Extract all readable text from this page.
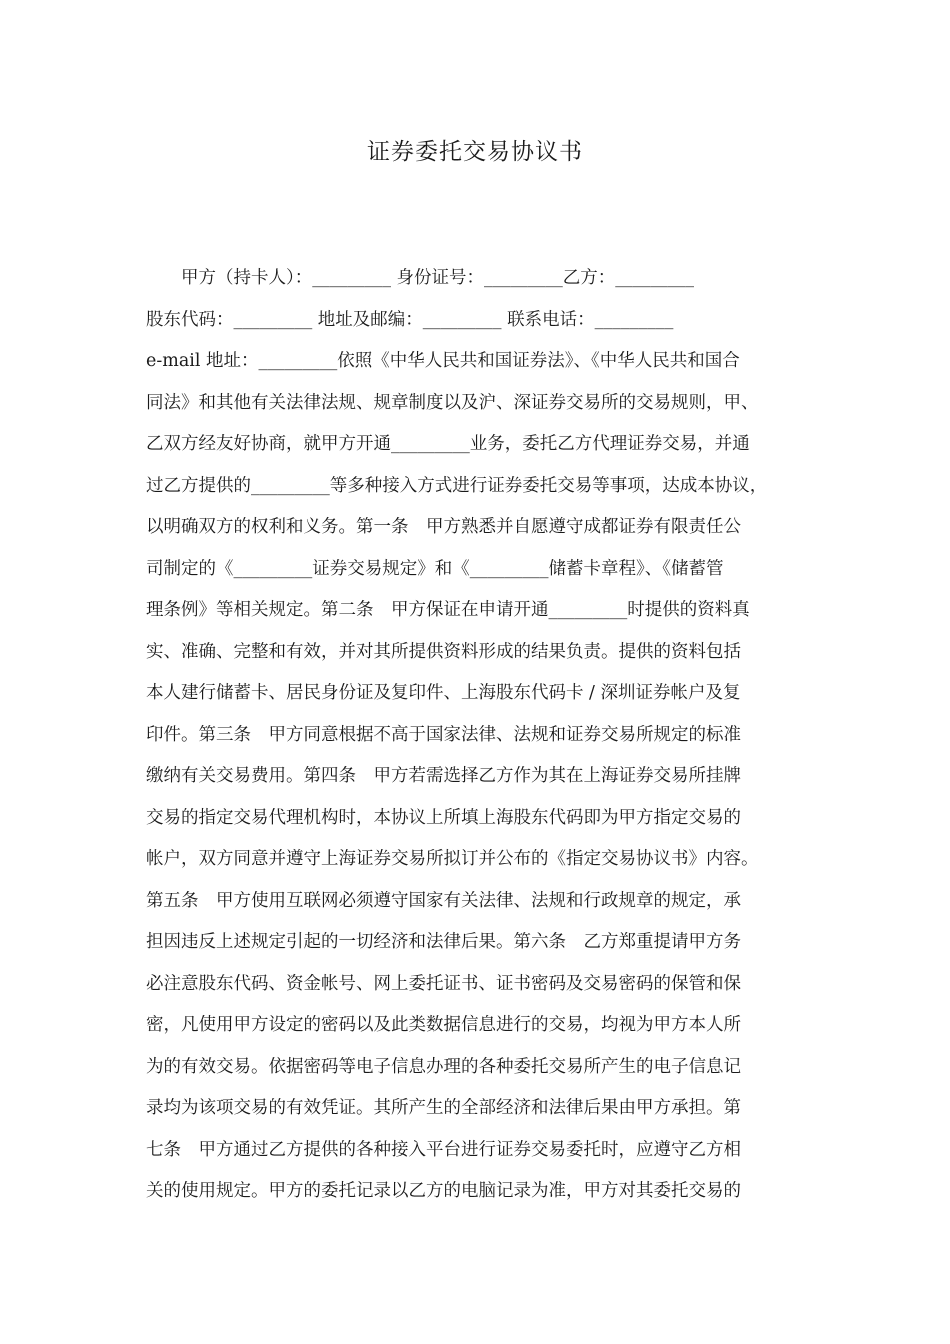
证券委托交易协议书
甲方（持卡人）：_________ 身份证号：_________乙方：_________
股东代码：_________ 地址及邮编：_________ 联系电话：_________
e-mail 地址：_________依照《中华人民共和国证券法》、《中华人民共和国合
同法》和其他有关法律法规、规章制度以及沪、深证券交易所的交易规则，甲、
乙双方经友好协商，就甲方开通_________业务，委托乙方代理证券交易，并通
过乙方提供的_________等多种接入方式进行证券委托交易等事项，达成本协议，
以明确双方的权利和义务。第一条　甲方熟悉并自愿遵守成都证券有限责任公
司制定的《_________证券交易规定》和《_________储蓄卡章程》、《储蓄管
理条例》等相关规定。第二条　甲方保证在申请开通_________时提供的资料真
实、准确、完整和有效，并对其所提供资料形成的结果负责。提供的资料包括
本人建行储蓄卡、居民身份证及复印件、上海股东代码卡 / 深圳证券帐户及复
印件。第三条　甲方同意根据不高于国家法律、法规和证券交易所规定的标准
缴纳有关交易费用。第四条　甲方若需选择乙方作为其在上海证券交易所挂牌
交易的指定交易代理机构时，本协议上所填上海股东代码即为甲方指定交易的
帐户，双方同意并遵守上海证券交易所拟订并公布的《指定交易协议书》内容。
第五条　甲方使用互联网必须遵守国家有关法律、法规和行政规章的规定，承
担因违反上述规定引起的一切经济和法律后果。第六条　乙方郑重提请甲方务
必注意股东代码、资金帐号、网上委托证书、证书密码及交易密码的保管和保
密，凡使用甲方设定的密码以及此类数据信息进行的交易，均视为甲方本人所
为的有效交易。依据密码等电子信息办理的各种委托交易所产生的电子信息记
录均为该项交易的有效凭证。其所产生的全部经济和法律后果由甲方承担。第
七条　甲方通过乙方提供的各种接入平台进行证券交易委托时，应遵守乙方相
关的使用规定。甲方的委托记录以乙方的电脑记录为准，甲方对其委托交易的
